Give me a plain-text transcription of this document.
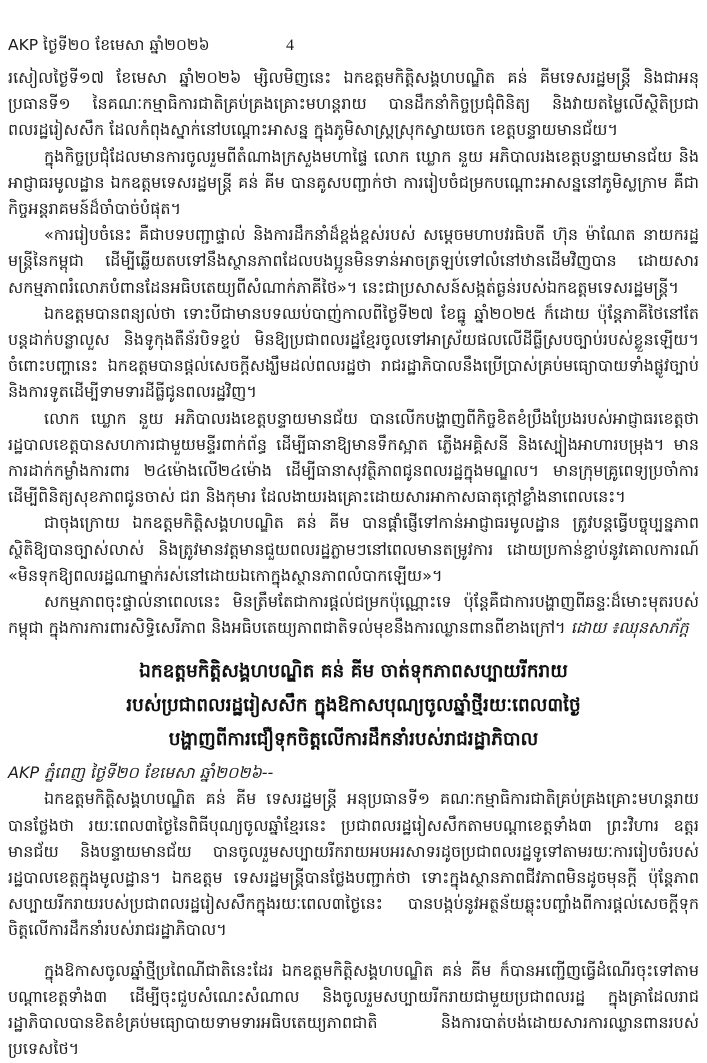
AKP ថ្ងៃទី២០ ខែមេសា ឆ្នាំ២០២៦	4

រសៀលថ្ងៃទី១៧ ខែមេសា ឆ្នាំ២០២៦ ម្សិលមិញនេះ ឯកឧត្តមកិត្តិសង្គហបណ្ឌិត គន់ គីមទេសរដ្ឋមន្ត្រី និងជាអនុប្រធានទី១ នៃគណៈកម្មាធិការជាតិគ្រប់គ្រងគ្រោះមហន្តរាយ បានដឹកនាំកិច្ចប្រជុំពិនិត្យ និងវាយតម្លៃលើស្ថិតិប្រជាពលរដ្ឋរៀសសឹក ដែលកំពុងស្នាក់នៅបណ្ដោះអាសន្ន ក្នុងភូមិសាស្ត្រស្រុកស្វាយចេក ខេត្តបន្ទាយមានជ័យ។

ក្នុងកិច្ចប្រជុំដែលមានការចូលរួមពីតំណាងក្រសួងមហាផ្ទៃ លោក ឃ្លោក នួយ អភិបាលរងខេត្តបន្ទាយមានជ័យ និងអាជ្ញាធរមូលដ្ឋាន ឯកឧត្តមទេសរដ្ឋមន្ត្រី គន់ គីម បានគូសបញ្ជាក់ថា ការរៀបចំជម្រកបណ្ដោះអាសន្ននៅភូមិស្លក្រាម គឺជាកិច្ចអន្តរាគមន៍ដ៏ចាំបាច់បំផុត។

«ការរៀបចំនេះ គឺជាបទបញ្ជាផ្ទាល់ និងការដឹកនាំដ៏ខ្ពង់ខ្ពស់របស់ សម្ដេចមហាបវរធិបតី ហ៊ុន ម៉ាណែត នាយករដ្ឋមន្ត្រីនៃកម្ពុជា ដើម្បីឆ្លើយតបទៅនឹងស្ថានភាពដែលបងប្អូនមិនទាន់អាចត្រឡប់ទៅលំនៅឋានដើមវិញបាន ដោយសារសកម្មភាពរំលោភបំពានដែនអធិបតេយ្យពីសំណាក់ភាគីថៃ»។ នេះជាប្រសាសន៍សង្កត់ធ្ងន់របស់ឯកឧត្តមទេសរដ្ឋមន្ត្រី។

ឯកឧត្តមបានពន្យល់ថា ទោះបីជាមានបទឈប់បាញ់កាលពីថ្ងៃទី២៧ ខែធ្នូ ឆ្នាំ២០២៥ ក៏ដោយ ប៉ុន្តែភាគីថៃនៅតែបន្តដាក់បន្លាលួស និងទូកុងតឺន័របិទខ្ទប់ មិនឱ្យប្រជាពលរដ្ឋខ្មែរចូលទៅអាស្រ័យផលលើដីធ្លីស្របច្បាប់របស់ខ្លួនឡើយ។ ចំពោះបញ្ហានេះ ឯកឧត្តមបានផ្តល់សេចក្តីសង្ឃឹមដល់ពលរដ្ឋថា រាជរដ្ឋាភិបាលនឹងប្រើប្រាស់គ្រប់មធ្យោបាយទាំងផ្លូវច្បាប់ និងការទូតដើម្បីទាមទារដីធ្លីជូនពលរដ្ឋវិញ។

លោក ឃ្លោក នួយ អភិបាលរងខេត្តបន្ទាយមានជ័យ បានលើកបង្ហាញពីកិច្ចខិតខំប្រឹងប្រែងរបស់អាជ្ញាធរខេត្តថា រដ្ឋបាលខេត្តបានសហការជាមួយមន្ទីរពាក់ព័ន្ធ ដើម្បីធានាឱ្យមានទឹកស្អាត ភ្លើងអគ្គិសនី និងស្បៀងអាហារបម្រុង។ មានការដាក់កម្លាំងការពារ ២៤ម៉ោងលើ២៤ម៉ោង ដើម្បីធានាសុវត្ថិភាពជូនពលរដ្ឋក្នុងមណ្ឌល។ មានក្រុមគ្រូពេទ្យប្រចាំការដើម្បីពិនិត្យសុខភាពជូនចាស់ ជរា និងកុមារ ដែលងាយរងគ្រោះដោយសារអាកាសធាតុក្តៅខ្លាំងនាពេលនេះ។

ជាចុងក្រោយ ឯកឧត្តមកិត្តិសង្គហបណ្ឌិត គន់ គីម បានផ្តាំផ្ញើទៅកាន់អាជ្ញាធរមូលដ្ឋាន ត្រូវបន្តធ្វើបច្ចុប្បន្នភាពស្ថិតិឱ្យបានច្បាស់លាស់ និងត្រូវមានវត្តមានជួយពលរដ្ឋភ្លាមៗនៅពេលមានតម្រូវការ ដោយប្រកាន់ខ្ជាប់នូវគោលការណ៍ «មិនទុកឱ្យពលរដ្ឋណាម្នាក់រស់នៅដោយឯកោក្នុងស្ថានភាពលំបាកឡើយ»។

សកម្មភាពចុះផ្ទាល់នាពេលនេះ មិនត្រឹមតែជាការផ្តល់ជម្រកប៉ុណ្ណោះទេ ប៉ុន្តែគឺជាការបង្ហាញពីឆន្ទៈដ៏មោះមុតរបស់កម្ពុជា ក្នុងការការពារសិទ្ធិសេរីភាព និងអធិបតេយ្យភាពជាតិទល់មុខនឹងការឈ្លានពានពីខាងក្រៅ។ ដោយ ៖ឈុនសាភ័ក្ត

ឯកឧត្តមកិត្តិសង្គហបណ្ឌិត គន់ គីម ចាត់ទុកភាពសប្បាយរីករាយ
របស់ប្រជាពលរដ្ឋរៀសសឹក ក្នុងឱកាសបុណ្យចូលឆ្នាំថ្មីរយៈពេល៣ថ្ងៃ
បង្ហាញពីការជឿទុកចិត្តលើការដឹកនាំរបស់រាជរដ្ឋាភិបាល

AKP ភ្នំពេញ ថ្ងៃទី២០ ខែមេសា ឆ្នាំ២០២៦--

ឯកឧត្តមកិត្តិសង្គហបណ្ឌិត គន់ គីម ទេសរដ្ឋមន្ត្រី អនុប្រធានទី១ គណៈកម្មាធិការជាតិគ្រប់គ្រងគ្រោះមហន្តរាយបានថ្លែងថា រយៈពេល៣ថ្ងៃនៃពិធីបុណ្យចូលឆ្នាំខ្មែរនេះ ប្រជាពលរដ្ឋរៀសសឹកតាមបណ្តាខេត្តទាំង៣ ព្រះវិហារ ឧត្តរមានជ័យ និងបន្ទាយមានជ័យ បានចូលរួមសប្បាយរីករាយអបអរសាទរដូចប្រជាពលរដ្ឋទូទៅតាមរយៈការរៀបចំរបស់រដ្ឋបាលខេត្តក្នុងមូលដ្ឋាន។ ឯកឧត្តម ទេសរដ្ឋមន្ត្រីបានថ្លែងបញ្ជាក់ថា ទោះក្នុងស្ថានភាពជីវភាពមិនដូចមុនក្តី ប៉ុន្តែភាពសប្បាយរីករាយរបស់ប្រជាពលរដ្ឋរៀសសឹកក្នុងរយៈពេល៣ថ្ងៃនេះ បានបង្កប់នូវអត្ថន័យឆ្លុះបញ្ចាំងពីការផ្តល់សេចក្តីទុកចិត្តលើការដឹកនាំរបស់រាជរដ្ឋាភិបាល។

ក្នុងឱកាសចូលឆ្នាំថ្មីប្រពៃណីជាតិនេះដែរ ឯកឧត្តមកិត្តិសង្គហបណ្ឌិត គន់ គីម ក៏បានអញ្ជើញធ្វើដំណើរចុះទៅតាមបណ្តាខេត្តទាំង៣ ដើម្បីចុះជួបសំណេះសំណាល និងចូលរួមសប្បាយរីករាយជាមួយប្រជាពលរដ្ឋ ក្នុងគ្រាដែលរាជរដ្ឋាភិបាលបានខិតខំគ្រប់មធ្យោបាយទាមទារអធិបតេយ្យភាពជាតិ និងការបាត់បង់ដោយសារការឈ្លានពានរបស់ប្រទេសថៃ។
